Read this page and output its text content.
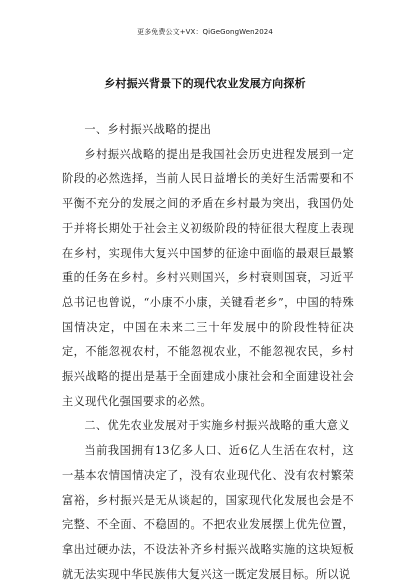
更多免费公文+VX：QiGeGongWen2024
乡村振兴背景下的现代农业发展方向探析

一、乡村振兴战略的提出

乡村振兴战略的提出是我国社会历史进程发展到一定阶段的必然选择，当前人民日益增长的美好生活需要和不平衡不充分的发展之间的矛盾在乡村最为突出，我国仍处于并将长期处于社会主义初级阶段的特征很大程度上表现在乡村，实现伟大复兴中国梦的征途中面临的最艰巨最繁重的任务在乡村。乡村兴则国兴，乡村衰则国衰，习近平总书记也曾说，“小康不小康，关键看老乡”，中国的特殊国情决定，中国在未来二三十年发展中的阶段性特征决定，不能忽视农村，不能忽视农业，不能忽视农民，乡村振兴战略的提出是基于全面建成小康社会和全面建设社会主义现代化强国要求的必然。

二、优先农业发展对于实施乡村振兴战略的重大意义

当前我国拥有13亿多人口、近6亿人生活在农村，这一基本农情国情决定了，没有农业现代化、没有农村繁荣富裕，乡村振兴是无从谈起的，国家现代化发展也会是不完整、不全面、不稳固的。不把农业发展摆上优先位置，拿出过硬办法，不设法补齐乡村振兴战略实施的这块短板就无法实现中华民族伟大复兴这一既定发展目标。所以说
